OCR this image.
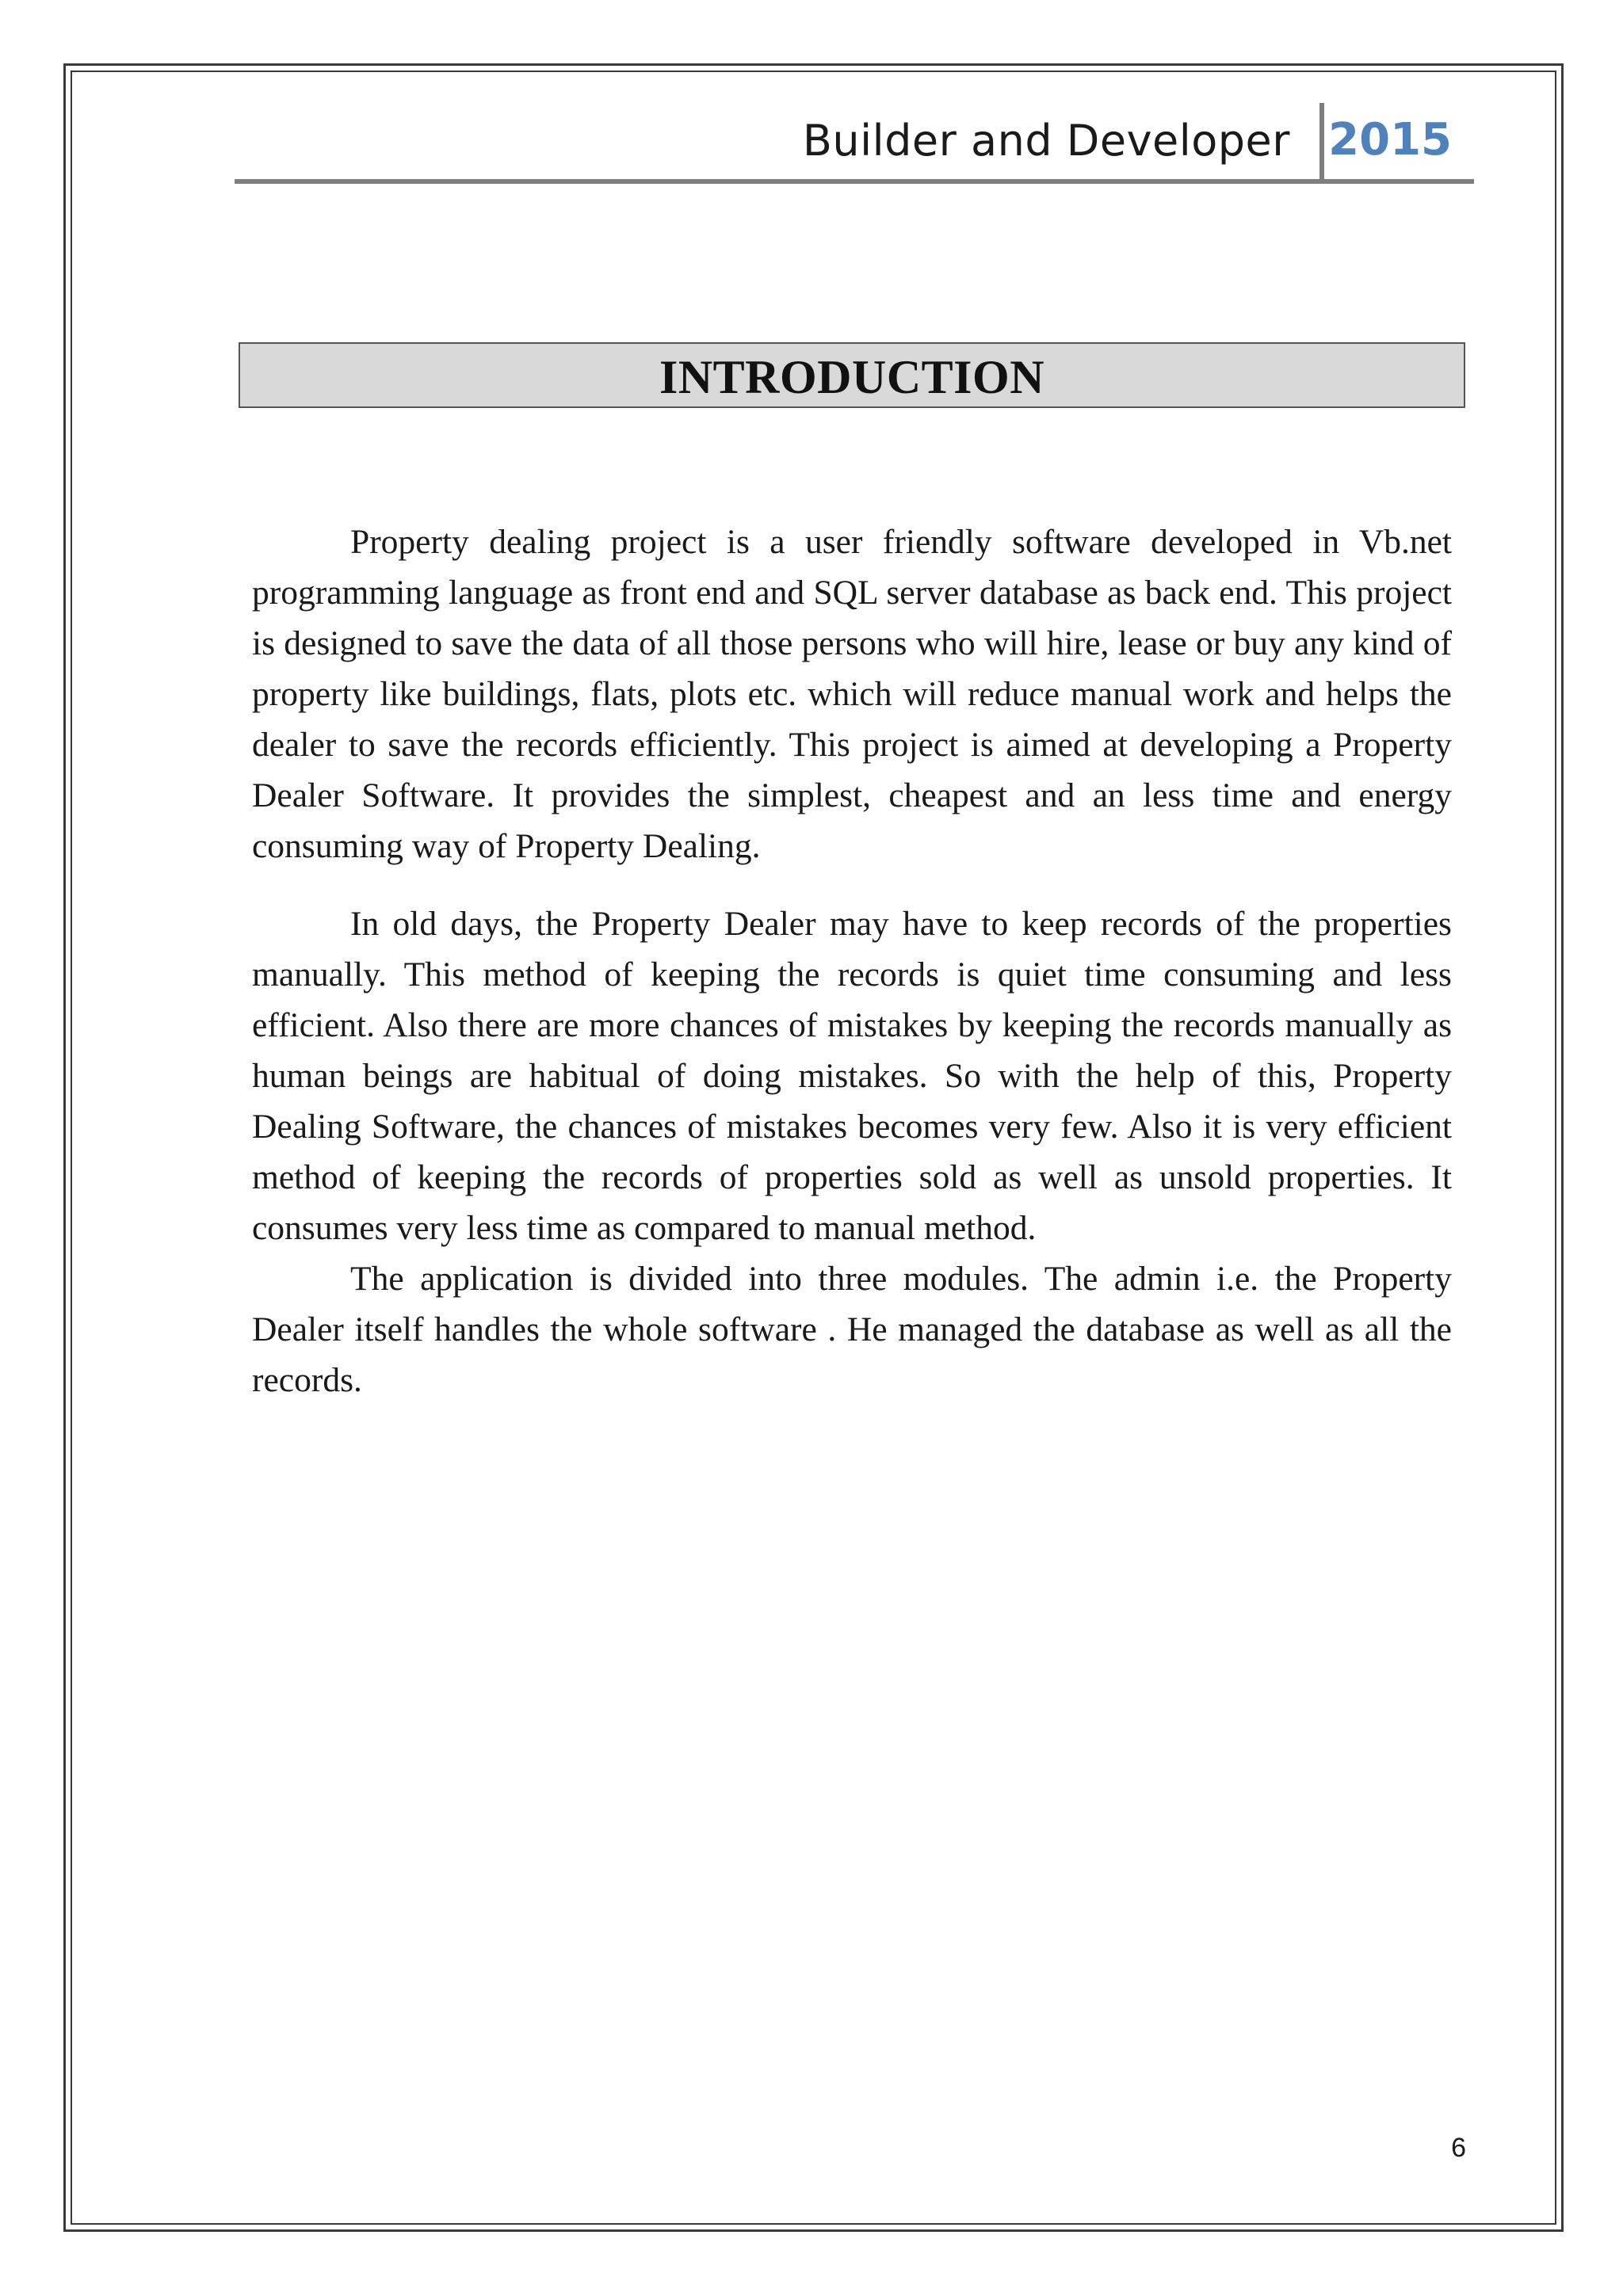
Builder and Developer 2015
INTRODUCTION

Property dealing project is a user friendly software developed in Vb.net programming language as front end and SQL server database as back end. This project is designed to save the data of all those persons who will hire, lease or buy any kind of property like buildings, flats, plots etc. which will reduce manual work and helps the dealer to save the records efficiently. This project is aimed at developing a Property Dealer Software. It provides the simplest, cheapest and an less time and energy consuming way of Property Dealing.

In old days, the Property Dealer may have to keep records of the properties manually. This method of keeping the records is quiet time consuming and less efficient. Also there are more chances of mistakes by keeping the records manually as human beings are habitual of doing mistakes. So with the help of this, Property Dealing Software, the chances of mistakes becomes very few. Also it is very efficient method of keeping the records of properties sold as well as unsold properties. It consumes very less time as compared to manual method.

The application is divided into three modules. The admin i.e. the Property Dealer itself handles the whole software . He managed the database as well as all the records.

6
